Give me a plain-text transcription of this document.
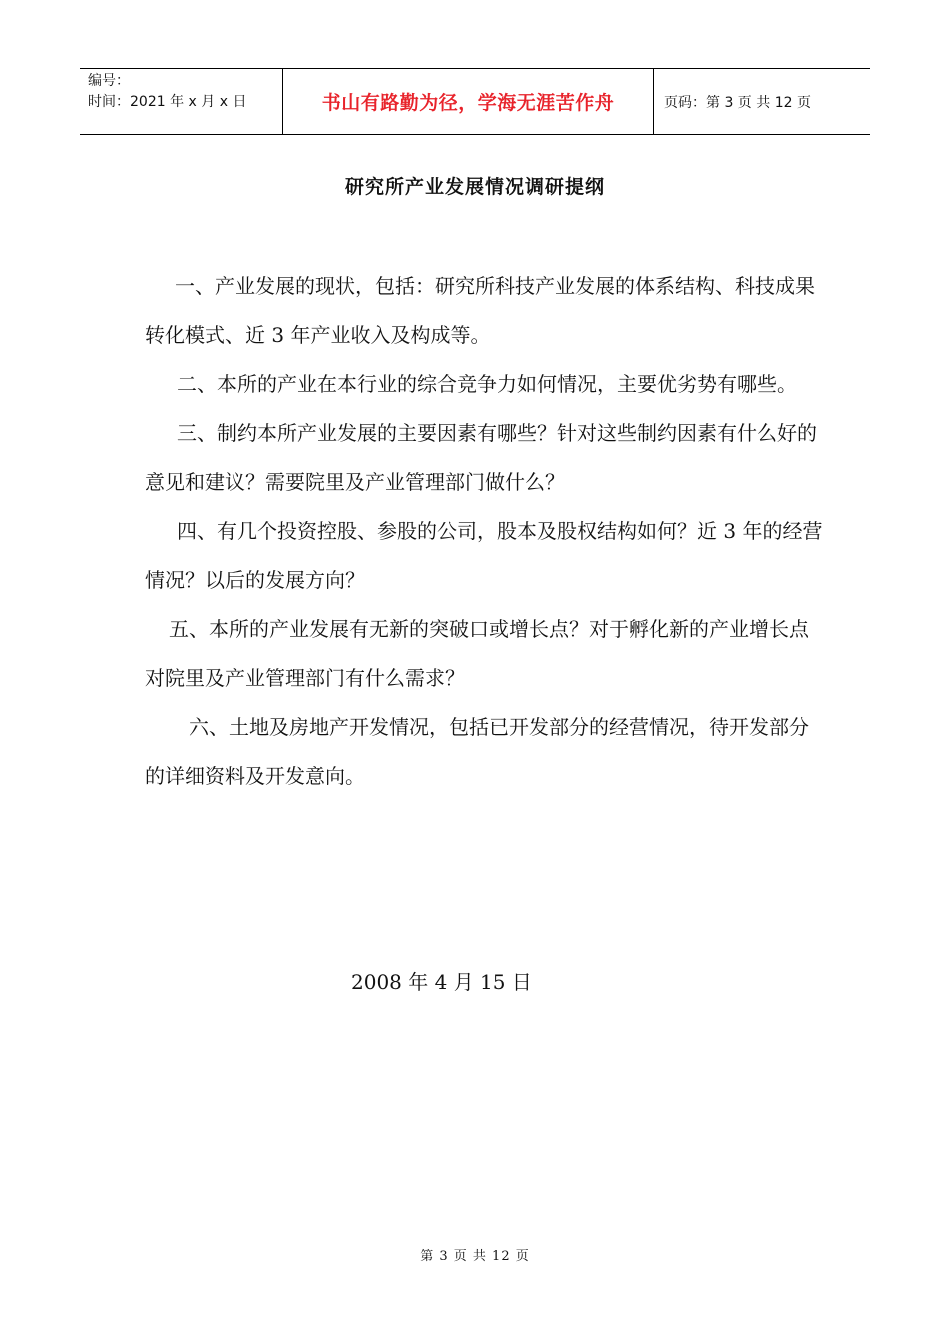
编号：
时间：2021 年 x 月 x 日	书山有路勤为径，学海无涯苦作舟	页码：第 3 页 共 12 页
研究所产业发展情况调研提纲

一、产业发展的现状，包括：研究所科技产业发展的体系结构、科技成果转化模式、近 3 年产业收入及构成等。

二、本所的产业在本行业的综合竞争力如何情况，主要优劣势有哪些。

三、制约本所产业发展的主要因素有哪些？针对这些制约因素有什么好的意见和建议？需要院里及产业管理部门做什么？

四、有几个投资控股、参股的公司，股本及股权结构如何？近 3 年的经营情况？以后的发展方向？

五、本所的产业发展有无新的突破口或增长点？对于孵化新的产业增长点对院里及产业管理部门有什么需求？

六、土地及房地产开发情况，包括已开发部分的经营情况，待开发部分的详细资料及开发意向。

2008 年 4 月 15 日
第 3 页 共 12 页
